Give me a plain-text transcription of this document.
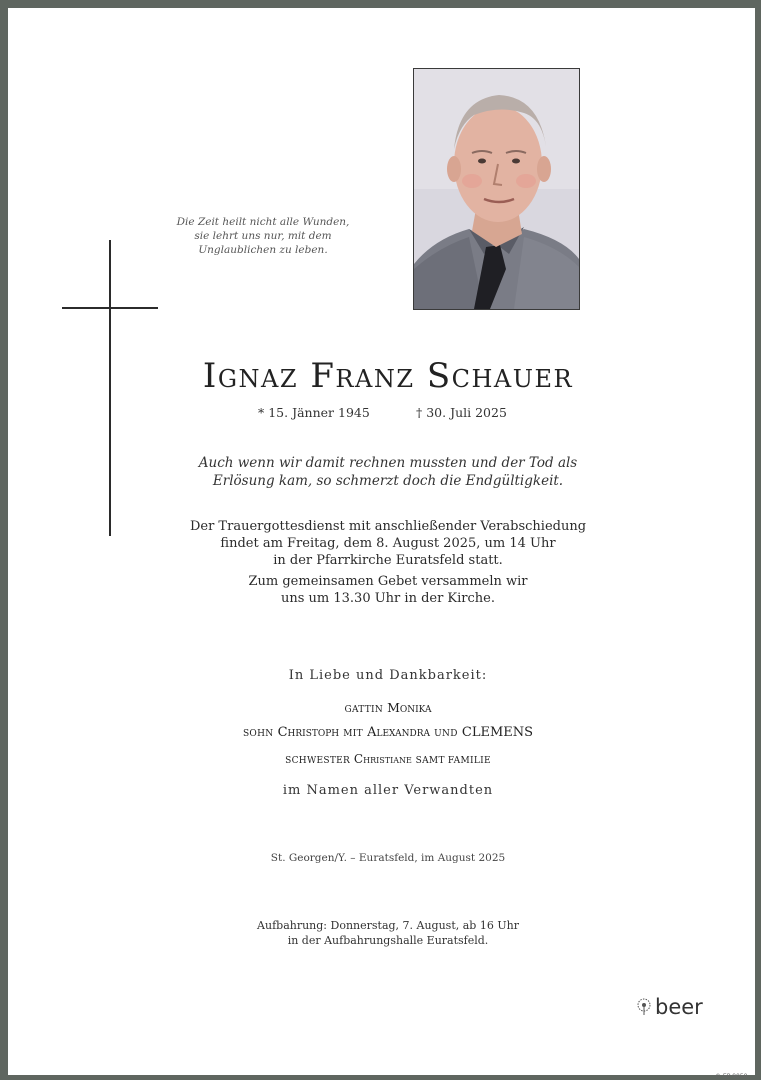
Die Zeit heilt nicht alle Wunden,
sie lehrt uns nur, mit dem
Unglaublichen zu leben.
Ignaz Franz Schauer
* 15. Jänner 1945	† 30. Juli 2025
Auch wenn wir damit rechnen mussten und der Tod als
Erlösung kam, so schmerzt doch die Endgültigkeit.
Der Trauergottesdienst mit anschließender Verabschiedung
findet am Freitag, dem 8. August 2025, um 14 Uhr
in der Pfarrkirche Euratsfeld statt.
Zum gemeinsamen Gebet versammeln wir
uns um 13.30 Uhr in der Kirche.
In Liebe und Dankbarkeit:
GATTIN Monika
SOHN Christoph MIT Alexandra UND CLEMENS
SCHWESTER Christiane SAMT FAMILIE
im Namen aller Verwandten
St. Georgen/Y. – Euratsfeld, im August 2025
Aufbahrung: Donnerstag, 7. August, ab 16 Uhr
in der Aufbahrungshalle Euratsfeld.
beer
© EP 9050
